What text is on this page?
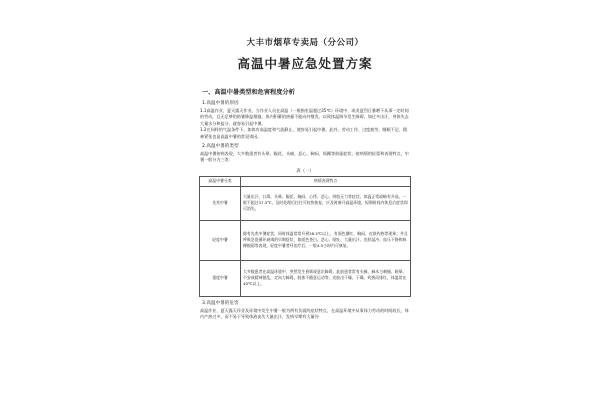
大丰市烟草专卖局（分公司）
高温中暑应急处置方案
一、高温中暑类型和危害程度分析
1.高温中暑的原因

1.1高温作业，夏天露天作业，当作业人员在高温（一般指室温超过35℃）环境中，或炎夏烈日暴晒下从事一定时间的劳动，且无足够的防暑降温措施，体内积蓄的热量不能向外散发，以致体温调节发生障碍，如过多出汗，身体失去大量水分和盐分，就容易引起中暑。

1.2在同样的气温条件下，如体有高温度和气流静止，使容易引起中暑。此外，劳动工作、过度疲劳、睡眠不足、精神紧张也是高温中暑的常见诱因。

2.高温中暑的类型

高温中暑按病表现，大多数患者有头晕、眼花、头痛、恶心、胸闷、烦躁等前驱症状，按病情的轻重和表现特点，中暑一般分为三类：

表（一）
高温中暑分类	病情表现特点
先兆中暑	大量出汗、口渴、头晕、眼花、胸闷、心悸、恶心、四肢无力等症状，体温正常或略有升高，一般不超过37.5℃，及时处理后往往可较快恢复，应及时离开高温环境，短期时间内休息后症状即可消失。
轻度中暑	除有先兆中暑症状，同时体温常常升到38.5℃以上，有面色潮红、胸闷、皮肤灼热等现象；并且呼吸急促循环衰竭的早期症状，如面色苍白、恶心、呕吐、大量出汗、皮肤湿冷、血压下降和脉搏细弱等表现，轻度中暑者经治疗后，一般4-5小时内可康复。
重度中暑	大多数患者在高温环境中，突然发生昏厥或意识障碍，此前患者常有头痛、麻木与刺痛、眩晕、不安或精神错乱，定向力障碍，肢体不随意运动等，皮肤出干燥、干燥、灼热而绯红，体温常在40℃以上。
3.高温中暑的危害

高温作业、夏天露天作业及环境中发生中暑一般为两有负面的症状特点，在高温环境中从事体力劳动的时间较长，体内产热过多，而不易于导致体液丧失大量出汗，发病早期有大量冷
